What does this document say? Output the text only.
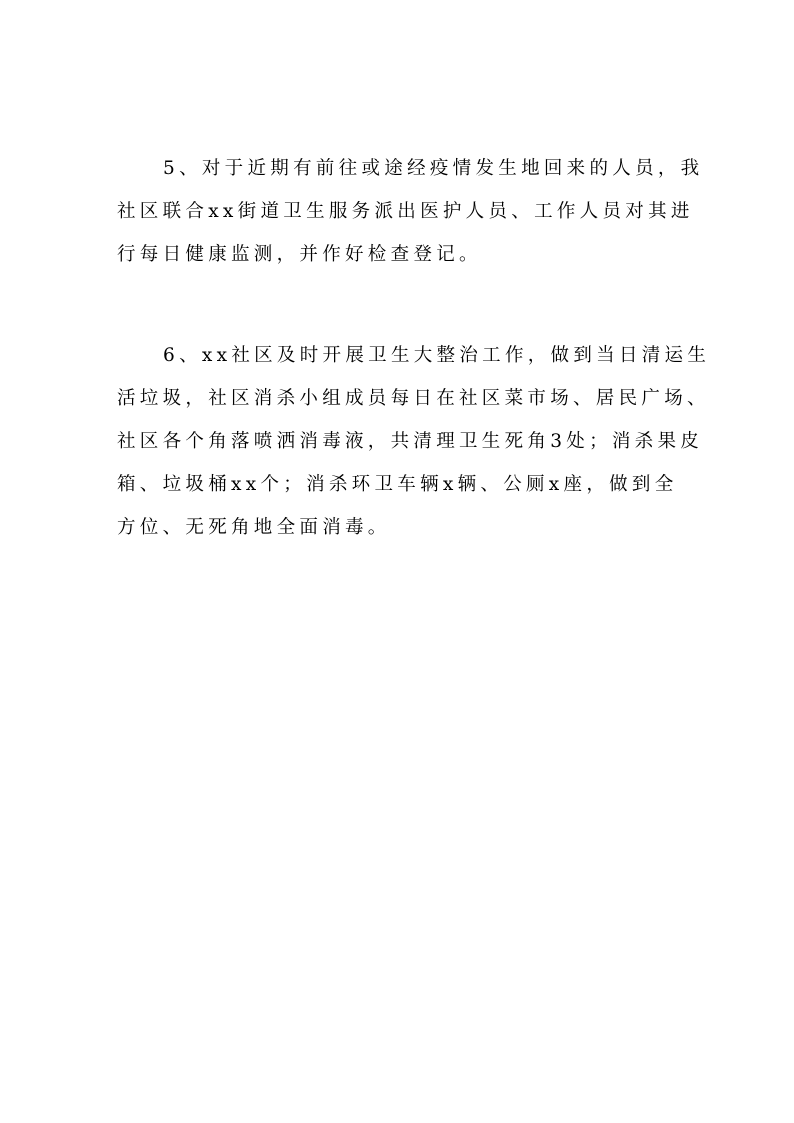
5、对于近期有前往或途经疫情发生地回来的人员，我
社区联合xx街道卫生服务派出医护人员、工作人员对其进
行每日健康监测，并作好检查登记。
6、xx社区及时开展卫生大整治工作，做到当日清运生
活垃圾，社区消杀小组成员每日在社区菜市场、居民广场、
社区各个角落喷洒消毒液，共清理卫生死角3处；消杀果皮
箱、垃圾桶xx个；消杀环卫车辆x辆、公厕x座，做到全
方位、无死角地全面消毒。
